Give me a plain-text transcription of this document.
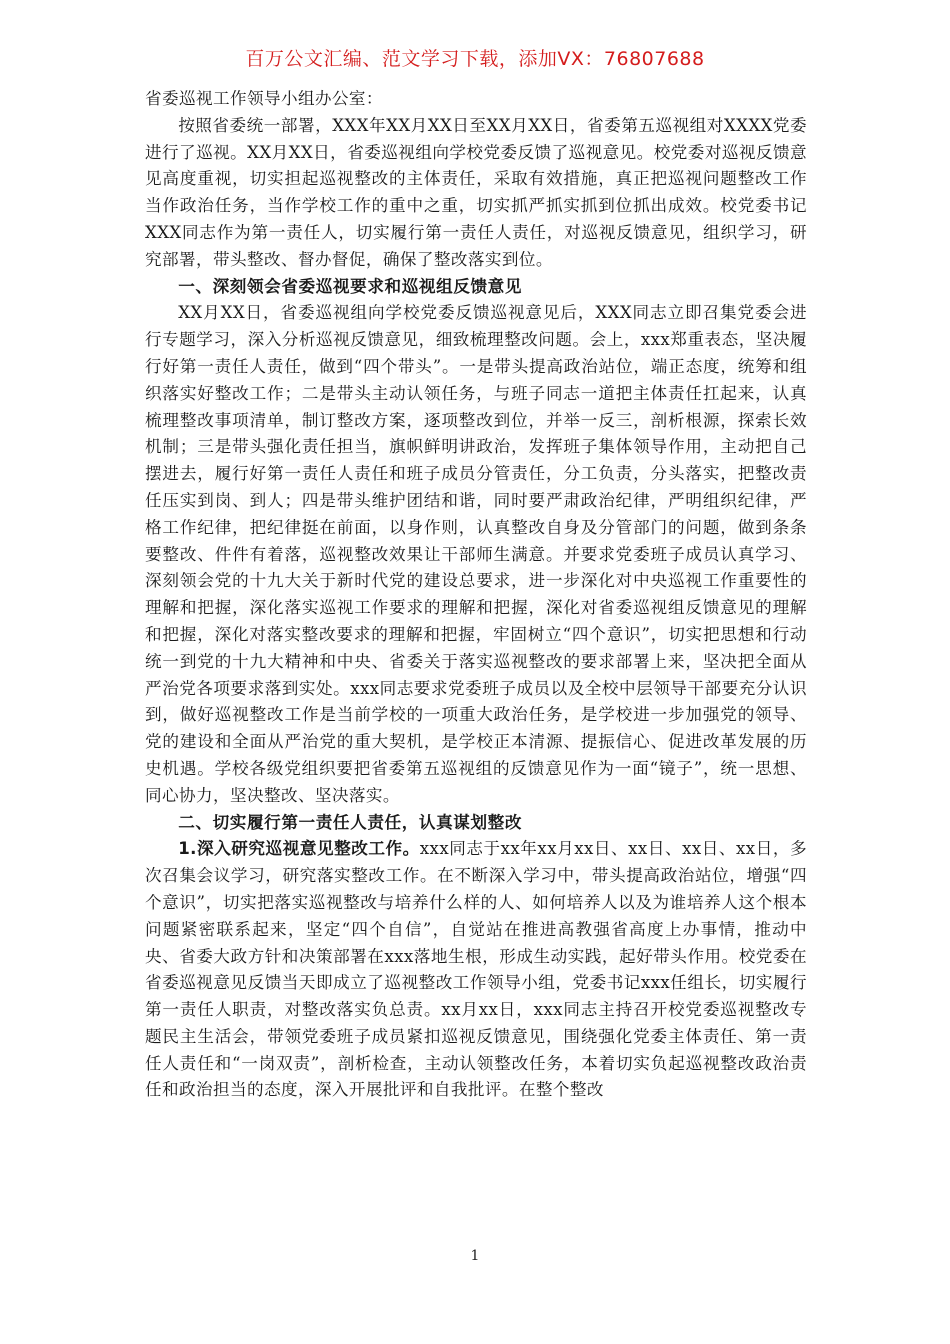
百万公文汇编、范文学习下载，添加VX：76807688

省委巡视工作领导小组办公室：

按照省委统一部署，XXX年XX月XX日至XX月XX日，省委第五巡视组对XXXX党委进行了巡视。XX月XX日，省委巡视组向学校党委反馈了巡视意见。校党委对巡视反馈意见高度重视，切实担起巡视整改的主体责任，采取有效措施，真正把巡视问题整改工作当作政治任务，当作学校工作的重中之重，切实抓严抓实抓到位抓出成效。校党委书记XXX同志作为第一责任人，切实履行第一责任人责任，对巡视反馈意见，组织学习，研究部署，带头整改、督办督促，确保了整改落实到位。

一、深刻领会省委巡视要求和巡视组反馈意见

XX月XX日，省委巡视组向学校党委反馈巡视意见后，XXX同志立即召集党委会进行专题学习，深入分析巡视反馈意见，细致梳理整改问题。会上，xxx郑重表态，坚决履行好第一责任人责任，做到“四个带头”。一是带头提高政治站位，端正态度，统筹和组织落实好整改工作；二是带头主动认领任务，与班子同志一道把主体责任扛起来，认真梳理整改事项清单，制订整改方案，逐项整改到位，并举一反三，剖析根源，探索长效机制；三是带头强化责任担当，旗帜鲜明讲政治，发挥班子集体领导作用，主动把自己摆进去，履行好第一责任人责任和班子成员分管责任，分工负责，分头落实，把整改责任压实到岗、到人；四是带头维护团结和谐，同时要严肃政治纪律，严明组织纪律，严格工作纪律，把纪律挺在前面，以身作则，认真整改自身及分管部门的问题，做到条条要整改、件件有着落，巡视整改效果让干部师生满意。并要求党委班子成员认真学习、深刻领会党的十九大关于新时代党的建设总要求，进一步深化对中央巡视工作重要性的理解和把握，深化落实巡视工作要求的理解和把握，深化对省委巡视组反馈意见的理解和把握，深化对落实整改要求的理解和把握，牢固树立“四个意识”，切实把思想和行动统一到党的十九大精神和中央、省委关于落实巡视整改的要求部署上来，坚决把全面从严治党各项要求落到实处。xxx同志要求党委班子成员以及全校中层领导干部要充分认识到，做好巡视整改工作是当前学校的一项重大政治任务，是学校进一步加强党的领导、党的建设和全面从严治党的重大契机，是学校正本清源、提振信心、促进改革发展的历史机遇。学校各级党组织要把省委第五巡视组的反馈意见作为一面“镜子”，统一思想、同心协力，坚决整改、坚决落实。

二、切实履行第一责任人责任，认真谋划整改

1.深入研究巡视意见整改工作。xxx同志于xx年xx月xx日、xx日、xx日、xx日，多次召集会议学习，研究落实整改工作。在不断深入学习中，带头提高政治站位，增强“四个意识”，切实把落实巡视整改与培养什么样的人、如何培养人以及为谁培养人这个根本问题紧密联系起来，坚定“四个自信”，自觉站在推进高教强省高度上办事情，推动中央、省委大政方针和决策部署在xxx落地生根，形成生动实践，起好带头作用。校党委在省委巡视意见反馈当天即成立了巡视整改工作领导小组，党委书记xxx任组长，切实履行第一责任人职责，对整改落实负总责。xx月xx日，xxx同志主持召开校党委巡视整改专题民主生活会，带领党委班子成员紧扣巡视反馈意见，围绕强化党委主体责任、第一责任人责任和“一岗双责”，剖析检查，主动认领整改任务，本着切实负起巡视整改政治责任和政治担当的态度，深入开展批评和自我批评。在整个整改

1
